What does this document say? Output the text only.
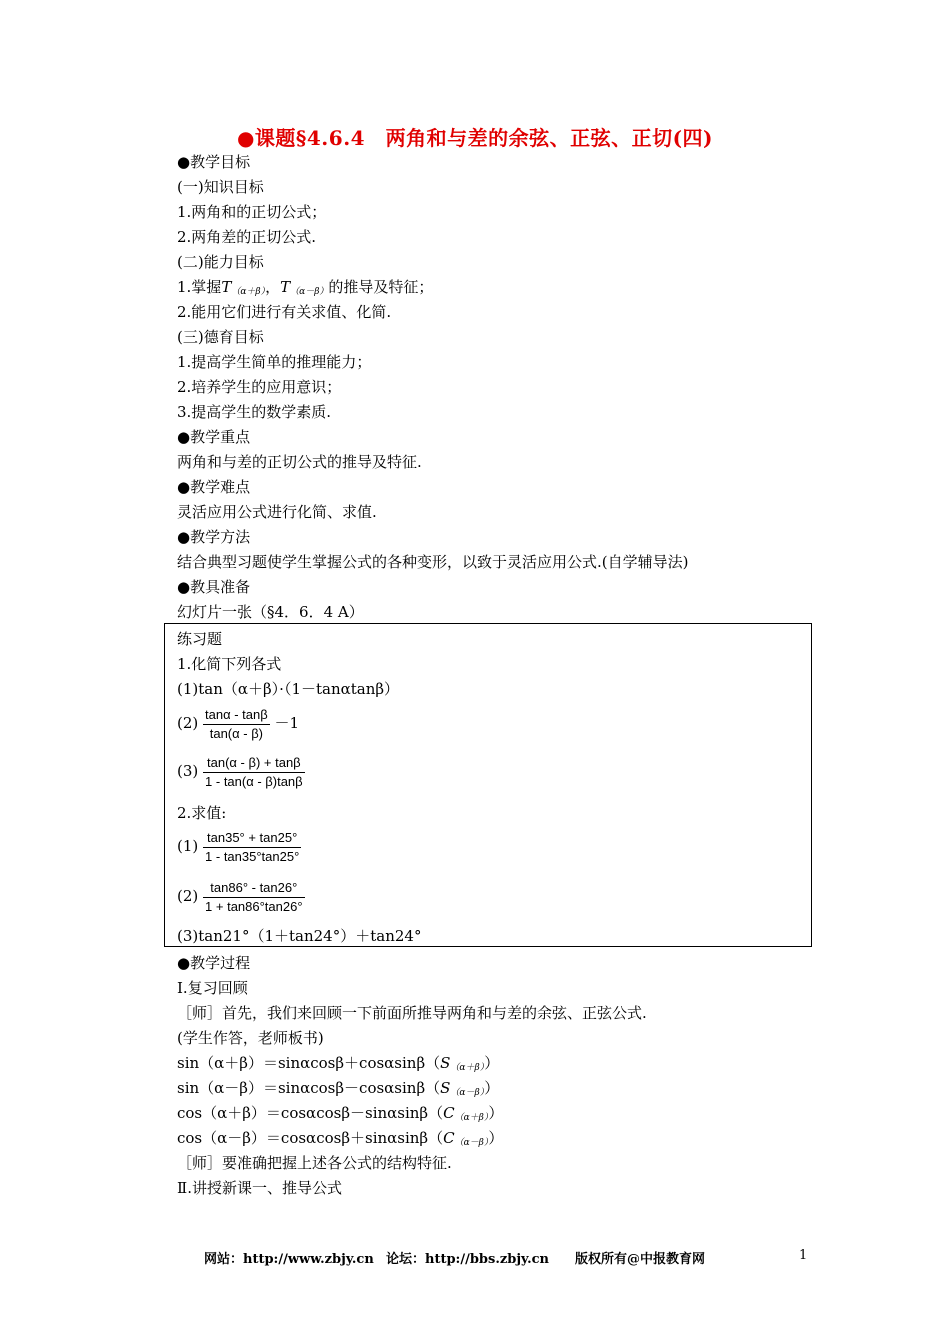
●课题§4.6.4　两角和与差的余弦、正弦、正切(四)
● 教学目标
(一)知识目标
1.两角和的正切公式；
2.两角差的正切公式.
(二)能力目标
1.掌握$T_{(\alpha+\beta)}$，$T_{(\alpha-\beta)}$的推导及特征；
2.能用它们进行有关求值、化简.
(三)德育目标
1.提高学生简单的推理能力；
2.培养学生的应用意识；
3.提高学生的数学素质.
● 教学重点
两角和与差的正切公式的推导及特征.
● 教学难点
灵活应用公式进行化简、求值.
● 教学方法
结合典型习题使学生掌握公式的各种变形，以致于灵活应用公式.(自学辅导法)
● 教具准备
幻灯片一张（§4．6．4 A）
练习题
1.化简下列各式
(1)tan（α＋β）·（1－tanαtanβ）
$(2) \frac{\tan\alpha - \tan\beta}{\tan(\alpha - \beta)} -1$
$(3) \frac{\tan(\alpha - \beta) + \tan\beta}{1 - \tan(\alpha - \beta)\tan\beta}$
2.求值:
$(1) \frac{\tan 35^\circ + \tan 25^\circ}{1 - \tan 35^\circ\tan 25^\circ}$
$(2) \frac{\tan 86^\circ - \tan 26^\circ}{1 + \tan 86^\circ\tan 26^\circ}$
(3)tan21°（1＋tan24°）＋tan24°
● 教学过程
Ⅰ.复习回顾
［师］首先，我们来回顾一下前面所推导两角和与差的余弦、正弦公式.
(学生作答，老师板书)
$\sin(\alpha+\beta)=\sin\alpha\cos\beta+\cos\alpha\sin\beta(S_{(\alpha+\beta)})$
$\sin(\alpha-\beta)=\sin\alpha\cos\beta-\cos\alpha\sin\beta(S_{(\alpha-\beta)})$
$\cos(\alpha+\beta)=\cos\alpha\cos\beta-\sin\alpha\sin\beta(C_{(\alpha+\beta)})$
$\cos(\alpha-\beta)=\cos\alpha\cos\beta+\sin\alpha\sin\beta(C_{(\alpha-\beta)})$
［师］要准确把握上述各公式的结构特征.
Ⅱ.讲授新课一、推导公式
网站：http://www.zbjy.cn 论坛：http://bbs.zbjy.cn 版权所有@中报教育网	1
